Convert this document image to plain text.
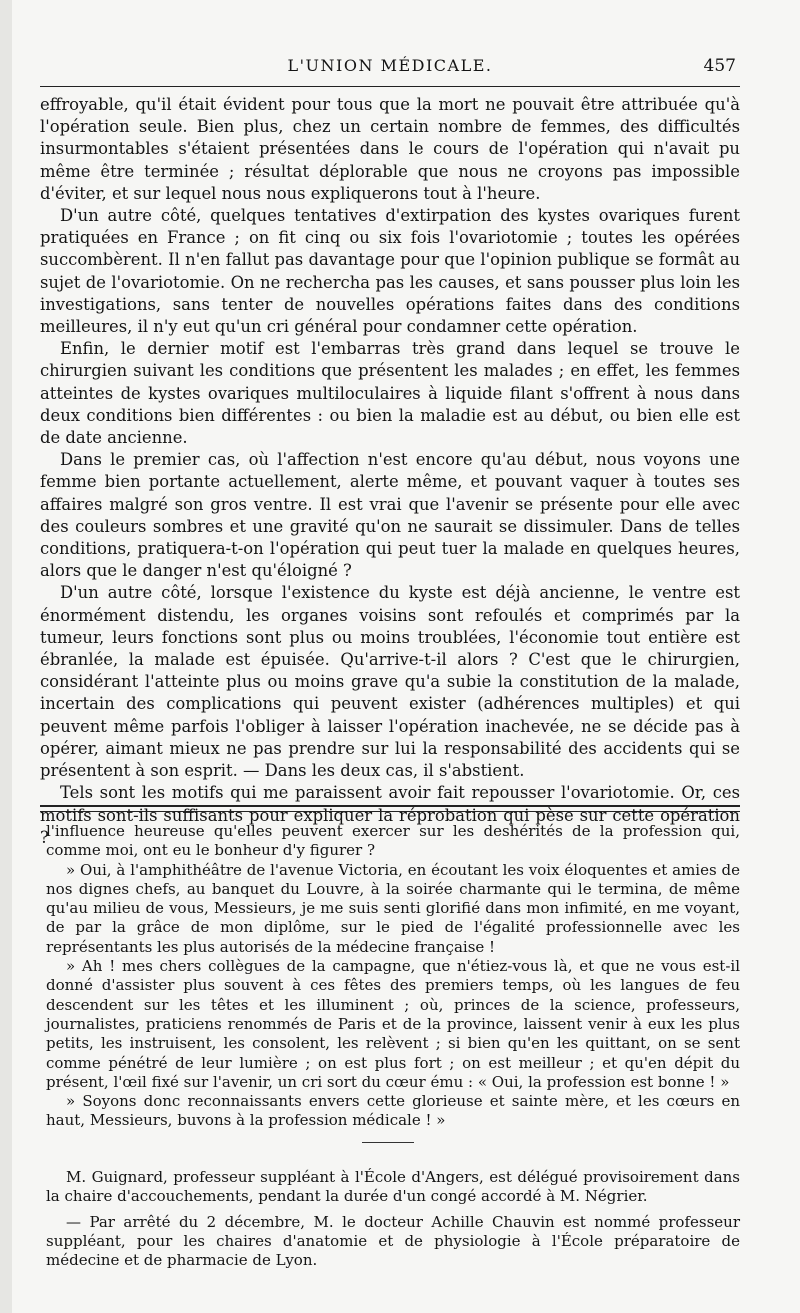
L'UNION MÉDICALE.	457

effroyable, qu'il était évident pour tous que la mort ne pouvait être attribuée qu'à l'opération seule. Bien plus, chez un certain nombre de femmes, des difficultés insurmontables s'étaient présentées dans le cours de l'opération qui n'avait pu même être terminée ; résultat déplorable que nous ne croyons pas impossible d'éviter, et sur lequel nous nous expliquerons tout à l'heure.

D'un autre côté, quelques tentatives d'extirpation des kystes ovariques furent pratiquées en France ; on fit cinq ou six fois l'ovariotomie ; toutes les opérées succombèrent. Il n'en fallut pas davantage pour que l'opinion publique se formât au sujet de l'ovariotomie. On ne rechercha pas les causes, et sans pousser plus loin les investigations, sans tenter de nouvelles opérations faites dans des conditions meilleures, il n'y eut qu'un cri général pour condamner cette opération.

Enfin, le dernier motif est l'embarras très grand dans lequel se trouve le chirurgien suivant les conditions que présentent les malades ; en effet, les femmes atteintes de kystes ovariques multiloculaires à liquide filant s'offrent à nous dans deux conditions bien différentes : ou bien la maladie est au début, ou bien elle est de date ancienne.

Dans le premier cas, où l'affection n'est encore qu'au début, nous voyons une femme bien portante actuellement, alerte même, et pouvant vaquer à toutes ses affaires malgré son gros ventre. Il est vrai que l'avenir se présente pour elle avec des couleurs sombres et une gravité qu'on ne saurait se dissimuler. Dans de telles conditions, pratiquera-t-on l'opération qui peut tuer la malade en quelques heures, alors que le danger n'est qu'éloigné ?

D'un autre côté, lorsque l'existence du kyste est déjà ancienne, le ventre est énormément distendu, les organes voisins sont refoulés et comprimés par la tumeur, leurs fonctions sont plus ou moins troublées, l'économie tout entière est ébranlée, la malade est épuisée. Qu'arrive-t-il alors ? C'est que le chirurgien, considérant l'atteinte plus ou moins grave qu'a subie la constitution de la malade, incertain des complications qui peuvent exister (adhérences multiples) et qui peuvent même parfois l'obliger à laisser l'opération inachevée, ne se décide pas à opérer, aimant mieux ne pas prendre sur lui la responsabilité des accidents qui se présentent à son esprit. — Dans les deux cas, il s'abstient.

Tels sont les motifs qui me paraissent avoir fait repousser l'ovariotomie. Or, ces motifs sont-ils suffisants pour expliquer la réprobation qui pèse sur cette opération ?

l'influence heureuse qu'elles peuvent exercer sur les deshérités de la profession qui, comme moi, ont eu le bonheur d'y figurer ?

» Oui, à l'amphithéâtre de l'avenue Victoria, en écoutant les voix éloquentes et amies de nos dignes chefs, au banquet du Louvre, à la soirée charmante qui le termina, de même qu'au milieu de vous, Messieurs, je me suis senti glorifié dans mon infimité, en me voyant, de par la grâce de mon diplôme, sur le pied de l'égalité professionnelle avec les représentants les plus autorisés de la médecine française !

» Ah ! mes chers collègues de la campagne, que n'étiez-vous là, et que ne vous est-il donné d'assister plus souvent à ces fêtes des premiers temps, où les langues de feu descendent sur les têtes et les illuminent ; où, princes de la science, professeurs, journalistes, praticiens renommés de Paris et de la province, laissent venir à eux les plus petits, les instruisent, les consolent, les relèvent ; si bien qu'en les quittant, on se sent comme pénétré de leur lumière ; on est plus fort ; on est meilleur ; et qu'en dépit du présent, l'œil fixé sur l'avenir, un cri sort du cœur ému : « Oui, la profession est bonne ! »

» Soyons donc reconnaissants envers cette glorieuse et sainte mère, et les cœurs en haut, Messieurs, buvons à la profession médicale ! »

M. Guignard, professeur suppléant à l'École d'Angers, est délégué provisoirement dans la chaire d'accouchements, pendant la durée d'un congé accordé à M. Négrier.

— Par arrêté du 2 décembre, M. le docteur Achille Chauvin est nommé professeur suppléant, pour les chaires d'anatomie et de physiologie à l'École préparatoire de médecine et de pharmacie de Lyon.
